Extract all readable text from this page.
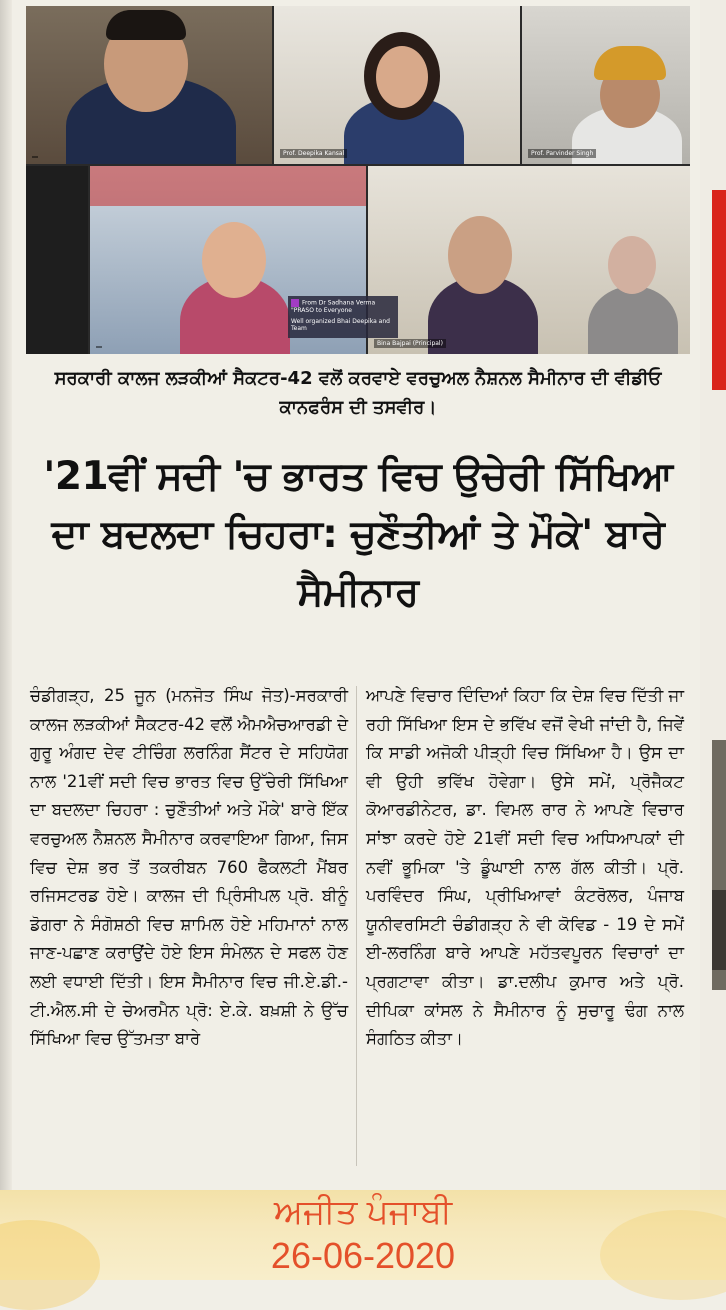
Prof. Deepika Kansal	Prof. Parvinder Singh
Bina Bajpai (Principal)
From Dr Sadhana Verma "PRASO to Everyone
Well organized Bhai Deepika and Team
ਸਰਕਾਰੀ ਕਾਲਜ ਲੜਕੀਆਂ ਸੈਕਟਰ-42 ਵਲੋਂ ਕਰਵਾਏ ਵਰਚੁਅਲ ਨੈਸ਼ਨਲ ਸੈਮੀਨਾਰ ਦੀ ਵੀਡੀਓ ਕਾਨਫਰੰਸ ਦੀ ਤਸਵੀਰ।
'21ਵੀਂ ਸਦੀ 'ਚ ਭਾਰਤ ਵਿਚ ਉਚੇਰੀ ਸਿੱਖਿਆ ਦਾ ਬਦਲਦਾ ਚਿਹਰਾ: ਚੁਣੌਤੀਆਂ ਤੇ ਮੌਕੇ' ਬਾਰੇ ਸੈਮੀਨਾਰ
ਚੰਡੀਗੜ੍ਹ, 25 ਜੂਨ (ਮਨਜੋਤ ਸਿੰਘ ਜੋਤ)-ਸਰਕਾਰੀ ਕਾਲਜ ਲੜਕੀਆਂ ਸੈਕਟਰ-42 ਵਲੋਂ ਐਮਐਚਆਰਡੀ ਦੇ ਗੁਰੂ ਅੰਗਦ ਦੇਵ ਟੀਚਿੰਗ ਲਰਨਿੰਗ ਸੈਂਟਰ ਦੇ ਸਹਿਯੋਗ ਨਾਲ '21ਵੀਂ ਸਦੀ ਵਿਚ ਭਾਰਤ ਵਿਚ ਉੱਚੇਰੀ ਸਿੱਖਿਆ ਦਾ ਬਦਲਦਾ ਚਿਹਰਾ : ਚੁਣੌਤੀਆਂ ਅਤੇ ਮੌਕੇ' ਬਾਰੇ ਇੱਕ ਵਰਚੁਅਲ ਨੈਸ਼ਨਲ ਸੈਮੀਨਾਰ ਕਰਵਾਇਆ ਗਿਆ, ਜਿਸ ਵਿਚ ਦੇਸ਼ ਭਰ ਤੋਂ ਤਕਰੀਬਨ 760 ਫੈਕਲਟੀ ਮੈਂਬਰ ਰਜਿਸਟਰਡ ਹੋਏ। ਕਾਲਜ ਦੀ ਪ੍ਰਿੰਸੀਪਲ ਪ੍ਰੋ. ਬੀਨੂੰ ਡੋਗਰਾ ਨੇ ਸੰਗੋਸ਼ਠੀ ਵਿਚ ਸ਼ਾਮਿਲ ਹੋਏ ਮਹਿਮਾਨਾਂ ਨਾਲ ਜਾਣ-ਪਛਾਣ ਕਰਾਉਂਦੇ ਹੋਏ ਇਸ ਸੰਮੇਲਨ ਦੇ ਸਫਲ ਹੋਣ ਲਈ ਵਧਾਈ ਦਿੱਤੀ। ਇਸ ਸੈਮੀਨਾਰ ਵਿਚ ਜੀ.ਏ.ਡੀ.-ਟੀ.ਐਲ.ਸੀ ਦੇ ਚੇਅਰਮੈਨ ਪ੍ਰੋ: ਏ.ਕੇ. ਬਖ਼ਸ਼ੀ ਨੇ ਉੱਚ ਸਿੱਖਿਆ ਵਿਚ ਉੱਤਮਤਾ ਬਾਰੇ
ਆਪਣੇ ਵਿਚਾਰ ਦਿੰਦਿਆਂ ਕਿਹਾ ਕਿ ਦੇਸ਼ ਵਿਚ ਦਿੱਤੀ ਜਾ ਰਹੀ ਸਿੱਖਿਆ ਇਸ ਦੇ ਭਵਿੱਖ ਵਜੋਂ ਵੇਖੀ ਜਾਂਦੀ ਹੈ, ਜਿਵੇਂ ਕਿ ਸਾਡੀ ਅਜੋਕੀ ਪੀੜ੍ਹੀ ਵਿਚ ਸਿੱਖਿਆ ਹੈ। ਉਸ ਦਾ ਵੀ ਉਹੀ ਭਵਿੱਖ ਹੋਵੇਗਾ। ਉਸੇ ਸਮੇਂ, ਪ੍ਰੋਜੈਕਟ ਕੋਆਰਡੀਨੇਟਰ, ਡਾ. ਵਿਮਲ ਰਾਰ ਨੇ ਆਪਣੇ ਵਿਚਾਰ ਸਾਂਝਾ ਕਰਦੇ ਹੋਏ 21ਵੀਂ ਸਦੀ ਵਿਚ ਅਧਿਆਪਕਾਂ ਦੀ ਨਵੀਂ ਭੂਮਿਕਾ 'ਤੇ ਡੂੰਘਾਈ ਨਾਲ ਗੱਲ ਕੀਤੀ। ਪ੍ਰੋ. ਪਰਵਿੰਦਰ ਸਿੰਘ, ਪ੍ਰੀਖਿਆਵਾਂ ਕੰਟਰੋਲਰ, ਪੰਜਾਬ ਯੂਨੀਵਰਸਿਟੀ ਚੰਡੀਗੜ੍ਹ ਨੇ ਵੀ ਕੋਵਿਡ - 19 ਦੇ ਸਮੇਂ ਈ-ਲਰਨਿੰਗ ਬਾਰੇ ਆਪਣੇ ਮਹੱਤਵਪੂਰਨ ਵਿਚਾਰਾਂ ਦਾ ਪ੍ਰਗਟਾਵਾ ਕੀਤਾ। ਡਾ.ਦਲੀਪ ਕੁਮਾਰ ਅਤੇ ਪ੍ਰੋ. ਦੀਪਿਕਾ ਕਾਂਸਲ ਨੇ ਸੈਮੀਨਾਰ ਨੂੰ ਸੁਚਾਰੂ ਢੰਗ ਨਾਲ ਸੰਗਠਿਤ ਕੀਤਾ।
ਅਜੀਤ ਪੰਜਾਬੀ
26-06-2020
